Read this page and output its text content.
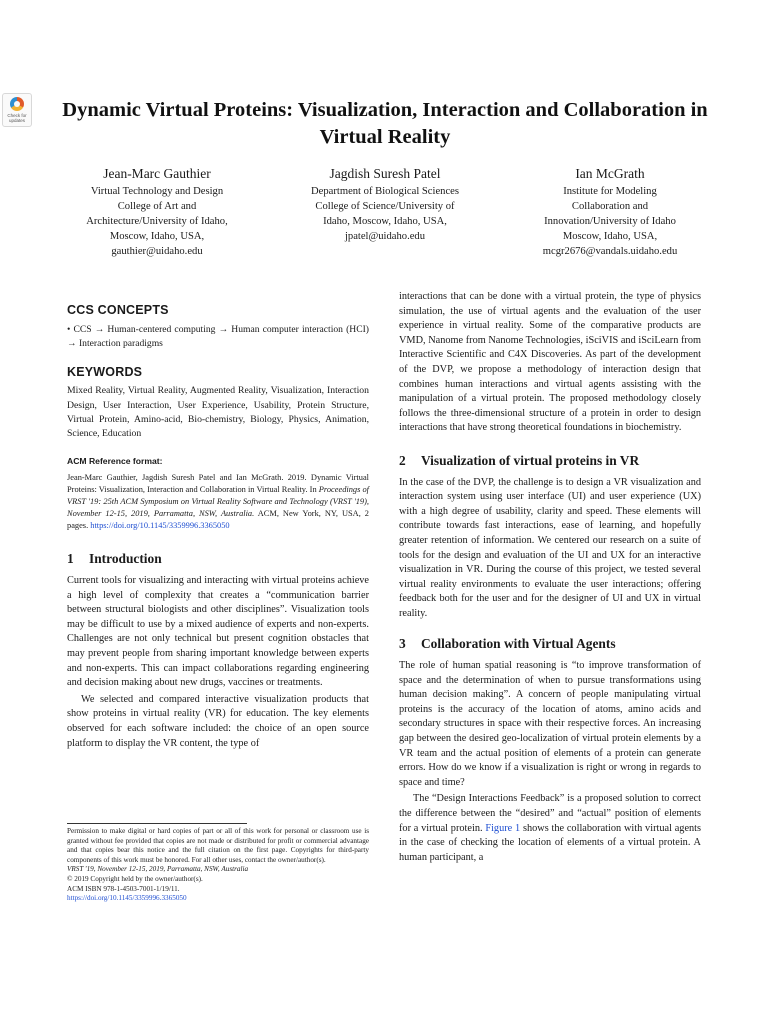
Check for updates Dynamic Virtual Proteins: Visualization, Interaction and Collaboration in Virtual Reality
Jean-Marc Gauthier
Virtual Technology and Design
College of Art and
Architecture/University of Idaho,
Moscow, Idaho, USA,
gauthier@uidaho.edu
Jagdish Suresh Patel
Department of Biological Sciences
College of Science/University of
Idaho, Moscow, Idaho, USA,
jpatel@uidaho.edu
Ian McGrath
Institute for Modeling
Collaboration and
Innovation/University of Idaho
Moscow, Idaho, USA,
mcgr2676@vandals.uidaho.edu
CCS CONCEPTS

• CCS → Human-centered computing → Human computer interaction (HCI) → Interaction paradigms

KEYWORDS

Mixed Reality, Virtual Reality, Augmented Reality, Visualization, Interaction Design, User Interaction, User Experience, Usability, Protein Structure, Virtual Protein, Amino-acid, Bio-chemistry, Biology, Physics, Animation, Science, Education

ACM Reference format:

Jean-Marc Gauthier, Jagdish Suresh Patel and Ian McGrath. 2019. Dynamic Virtual Proteins: Visualization, Interaction and Collaboration in Virtual Reality. In Proceedings of VRST '19: 25th ACM Symposium on Virtual Reality Software and Technology (VRST '19), November 12-15, 2019, Parramatta, NSW, Australia. ACM, New York, NY, USA, 2 pages. https://doi.org/10.1145/3359996.3365050

1 Introduction

Current tools for visualizing and interacting with virtual proteins achieve a high level of complexity that creates a “communication barrier between structural biologists and other disciplines”. Visualization tools may be difficult to use by a mixed audience of experts and non-experts. Challenges are not only technical but present cognition obstacles that may prevent people from sharing important knowledge between experts and non-experts. This can impact collaborations regarding engineering and decision making about new drugs, vaccines or treatments.

We selected and compared interactive visualization products that show proteins in virtual reality (VR) for education. The key elements observed for each software included: the choice of an open source platform to display the VR content, the type of

Permission to make digital or hard copies of part or all of this work for personal or classroom use is granted without fee provided that copies are not made or distributed for profit or commercial advantage and that copies bear this notice and the full citation on the first page. Copyrights for third-party components of this work must be honored. For all other uses, contact the owner/author(s).

VRST '19, November 12-15, 2019, Parramatta, NSW, Australia

© 2019 Copyright held by the owner/author(s).

ACM ISBN 978-1-4503-7001-1/19/11.

https://doi.org/10.1145/3359996.3365050

interactions that can be done with a virtual protein, the type of physics simulation, the use of virtual agents and the evaluation of the user experience in virtual reality. Some of the comparative products are VMD, Nanome from Nanome Technologies, iSciVIS and iSciLearn from Interactive Scientific and C4X Discoveries. As part of the development of the DVP, we propose a methodology of interaction design that combines human interactions and virtual agents assisting with the manipulation of a virtual protein. The proposed methodology closely follows the three-dimensional structure of a protein in order to design interactions that have strong theoretical foundations in biochemistry.

2 Visualization of virtual proteins in VR

In the case of the DVP, the challenge is to design a VR visualization and interaction system using user interface (UI) and user experience (UX) with a high degree of usability, clarity and speed. These elements will contribute towards fast interactions, ease of learning, and hopefully greater retention of information. We centered our research on a suite of tools for the design and evaluation of the UI and UX for an interactive visualization in VR. During the course of this project, we tested several virtual reality environments to evaluate the user interactions; offering feedback both for the user and for the designer of UI and UX in virtual reality.

3 Collaboration with Virtual Agents

The role of human spatial reasoning is “to improve transformation of space and the determination of when to pursue transformations using human decision making”. A concern of people manipulating virtual proteins is the accuracy of the location of atoms, amino acids and secondary structures in space with their respective forces. An increasing gap between the desired geo-localization of virtual protein elements by a VR team and the actual position of elements of a protein can generate errors. How do we know if a visualization is right or wrong in regards to space and time?

The “Design Interactions Feedback” is a proposed solution to correct the difference between the “desired” and “actual” position of elements for a virtual protein. Figure 1 shows the collaboration with virtual agents in the case of checking the location of elements of a virtual protein. A human participant, a
